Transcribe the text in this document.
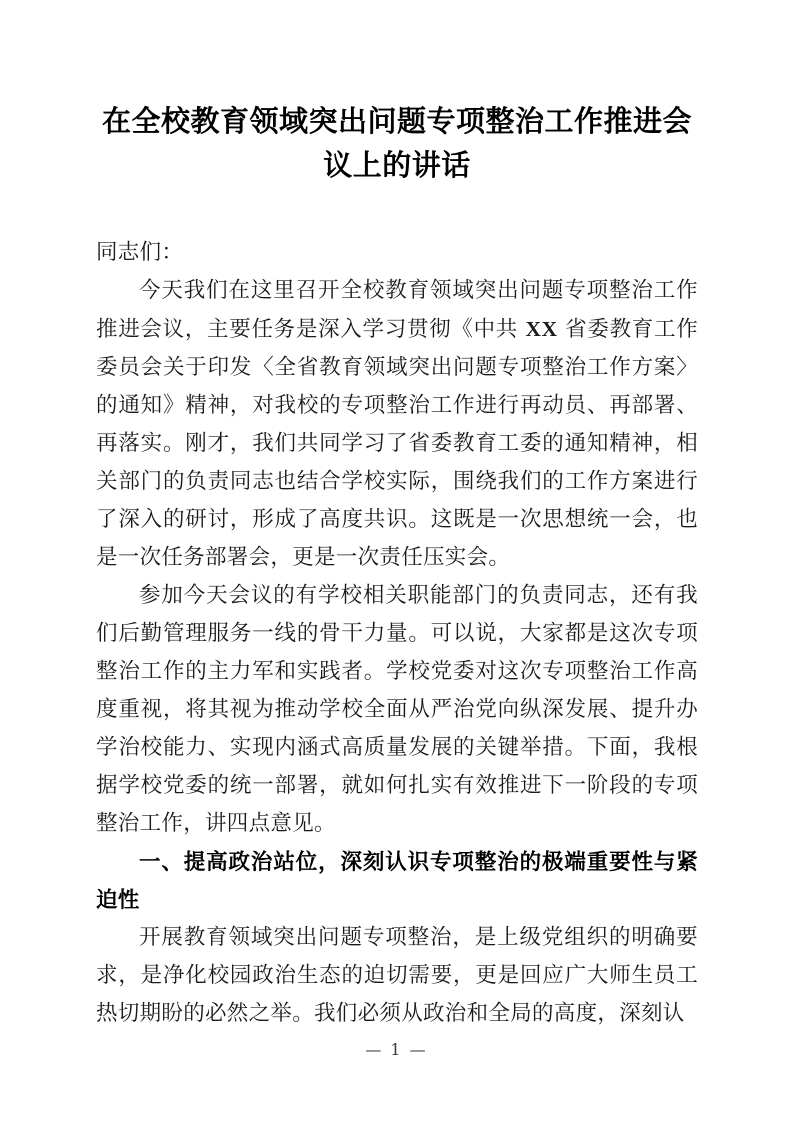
在全校教育领域突出问题专项整治工作推进会议上的讲话

同志们：

今天我们在这里召开全校教育领域突出问题专项整治工作推进会议，主要任务是深入学习贯彻《中共 XX 省委教育工作委员会关于印发〈全省教育领域突出问题专项整治工作方案〉的通知》精神，对我校的专项整治工作进行再动员、再部署、再落实。刚才，我们共同学习了省委教育工委的通知精神，相关部门的负责同志也结合学校实际，围绕我们的工作方案进行了深入的研讨，形成了高度共识。这既是一次思想统一会，也是一次任务部署会，更是一次责任压实会。

参加今天会议的有学校相关职能部门的负责同志，还有我们后勤管理服务一线的骨干力量。可以说，大家都是这次专项整治工作的主力军和实践者。学校党委对这次专项整治工作高度重视，将其视为推动学校全面从严治党向纵深发展、提升办学治校能力、实现内涵式高质量发展的关键举措。下面，我根据学校党委的统一部署，就如何扎实有效推进下一阶段的专项整治工作，讲四点意见。

一、提高政治站位，深刻认识专项整治的极端重要性与紧迫性

开展教育领域突出问题专项整治，是上级党组织的明确要求，是净化校园政治生态的迫切需要，更是回应广大师生员工热切期盼的必然之举。我们必须从政治和全局的高度，深刻认

— 1 —
